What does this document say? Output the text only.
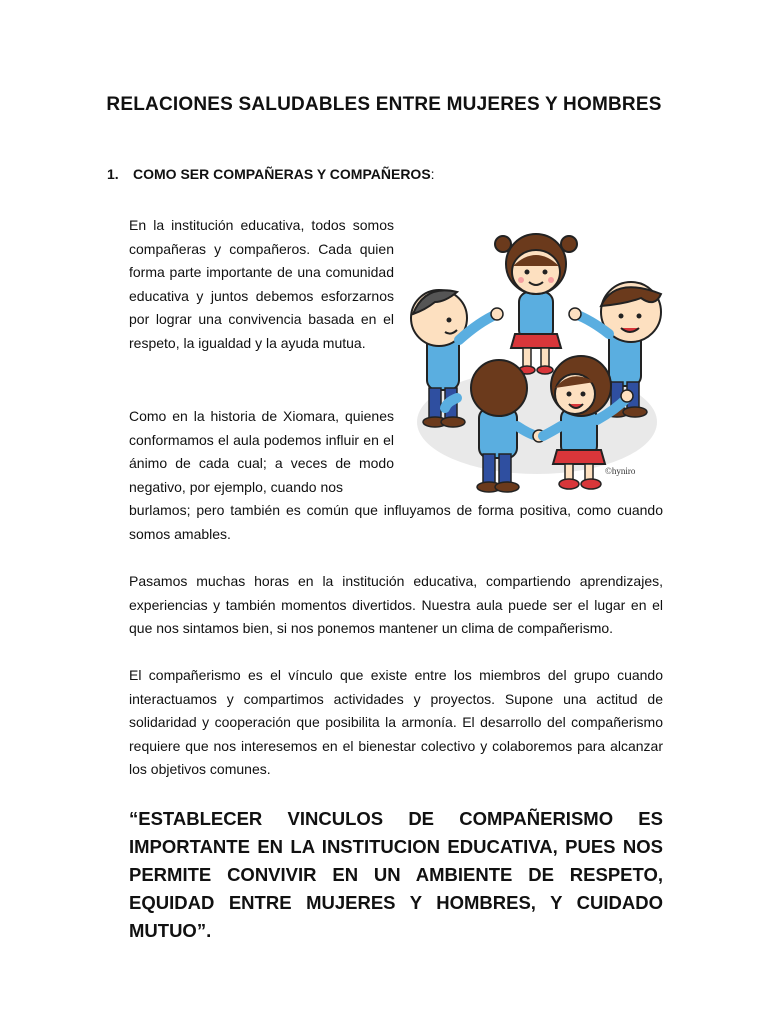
RELACIONES SALUDABLES ENTRE MUJERES Y HOMBRES
1. COMO SER COMPAÑERAS Y COMPAÑEROS:

En la institución educativa, todos somos compañeras y compañeros. Cada quien forma parte importante de una comunidad educativa y juntos debemos esforzarnos por lograr una convivencia basada en el respeto, la igualdad y la ayuda mutua.

Como en la historia de Xiomara, quienes conformamos el aula podemos influir en el ánimo de cada cual; a veces de modo negativo, por ejemplo, cuando nos

burlamos; pero también es común que influyamos de forma positiva, como cuando somos amables.

Pasamos muchas horas en la institución educativa, compartiendo aprendizajes, experiencias y también momentos divertidos. Nuestra aula puede ser el lugar en el que nos sintamos bien, si nos ponemos mantener un clima de compañerismo.

El compañerismo es el vínculo que existe entre los miembros del grupo cuando interactuamos y compartimos actividades y proyectos. Supone una actitud de solidaridad y cooperación que posibilita la armonía. El desarrollo del compañerismo requiere que nos interesemos en el bienestar colectivo y colaboremos para alcanzar los objetivos comunes.

“ESTABLECER VINCULOS DE COMPAÑERISMO ES IMPORTANTE EN LA INSTITUCION EDUCATIVA, PUES NOS PERMITE CONVIVIR EN UN AMBIENTE DE RESPETO, EQUIDAD ENTRE MUJERES Y HOMBRES, Y CUIDADO MUTUO”.

©hyniro
